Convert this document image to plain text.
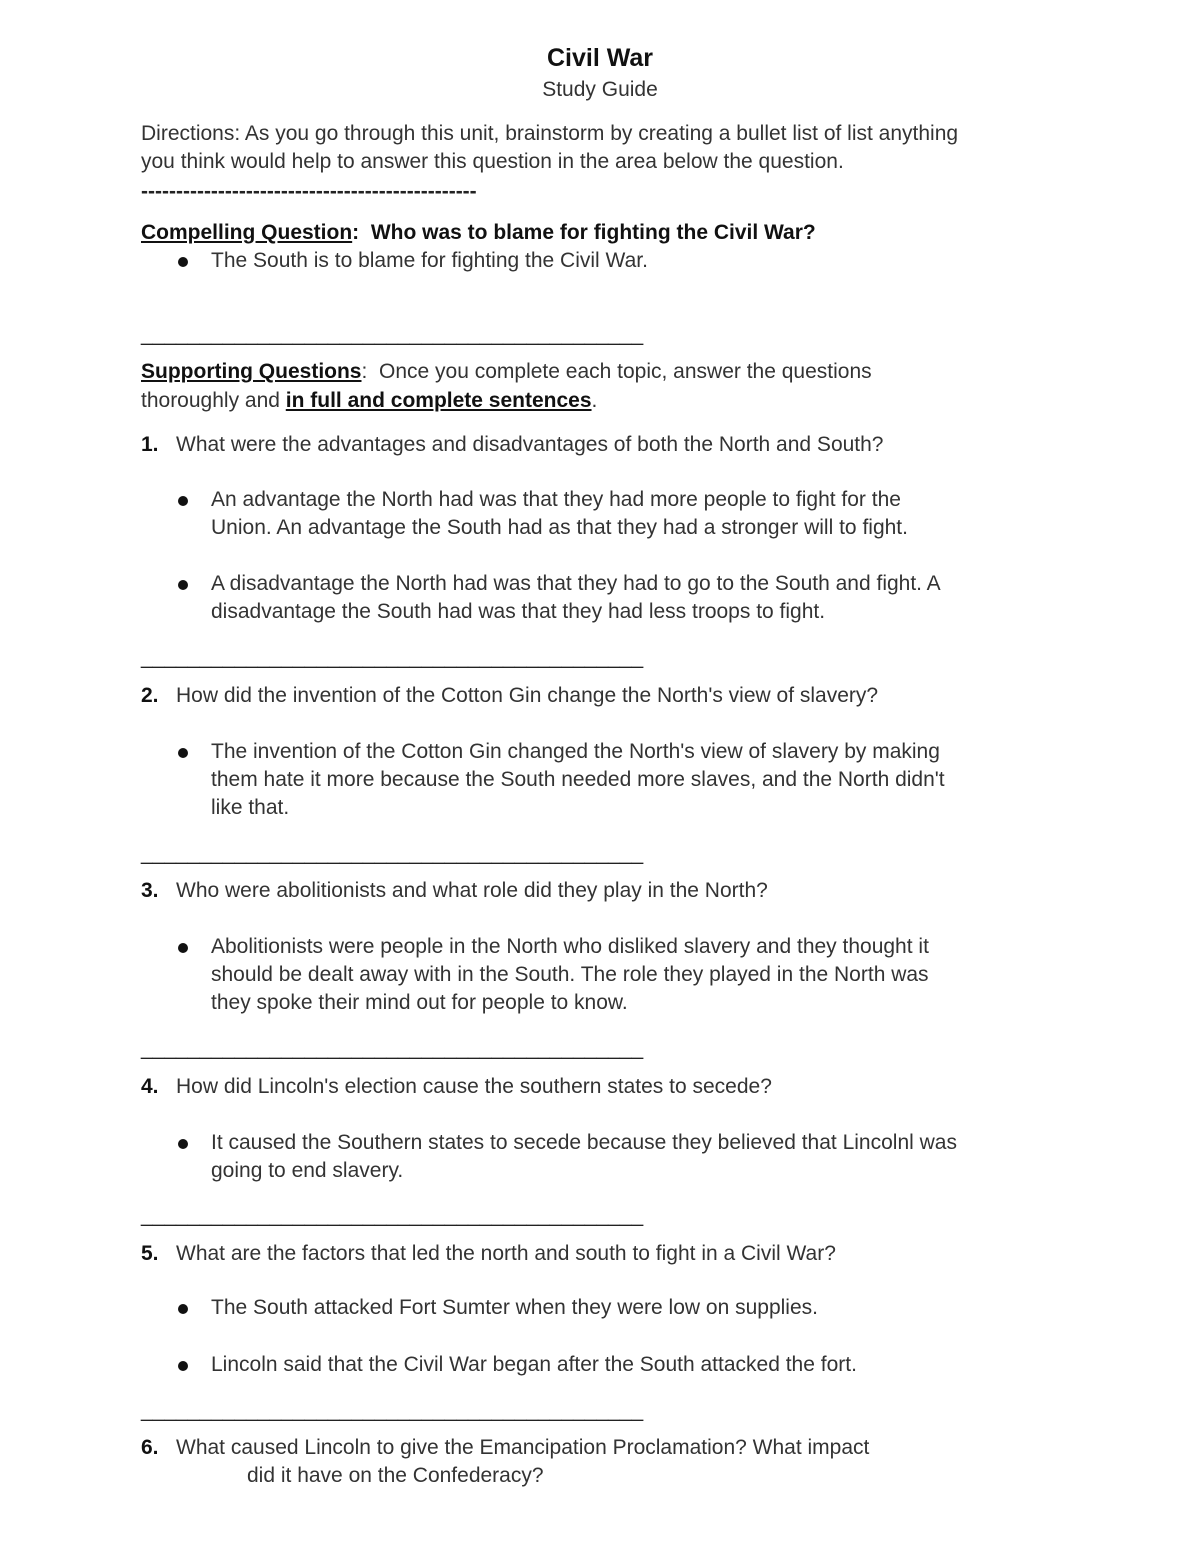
Civil War
Study Guide
Directions: As you go through this unit, brainstorm by creating a bullet list of list anything
you think would help to answer this question in the area below the question.
------------------------------------------------
Compelling Question: Who was to blame for fighting the Civil War?
The South is to blame for fighting the Civil War.
___________________________________________
Supporting Questions: Once you complete each topic, answer the questions
thoroughly and in full and complete sentences.
1. What were the advantages and disadvantages of both the North and South?
An advantage the North had was that they had more people to fight for the
Union. An advantage the South had as that they had a stronger will to fight.
A disadvantage the North had was that they had to go to the South and fight. A
disadvantage the South had was that they had less troops to fight.
___________________________________________
2. How did the invention of the Cotton Gin change the North's view of slavery?
The invention of the Cotton Gin changed the North's view of slavery by making
them hate it more because the South needed more slaves, and the North didn't
like that.
___________________________________________
3. Who were abolitionists and what role did they play in the North?
Abolitionists were people in the North who disliked slavery and they thought it
should be dealt away with in the South. The role they played in the North was
they spoke their mind out for people to know.
___________________________________________
4. How did Lincoln's election cause the southern states to secede?
It caused the Southern states to secede because they believed that Lincolnl was
going to end slavery.
___________________________________________
5. What are the factors that led the north and south to fight in a Civil War?
The South attacked Fort Sumter when they were low on supplies.
Lincoln said that the Civil War began after the South attacked the fort.
___________________________________________
6. What caused Lincoln to give the Emancipation Proclamation? What impact
did it have on the Confederacy?
